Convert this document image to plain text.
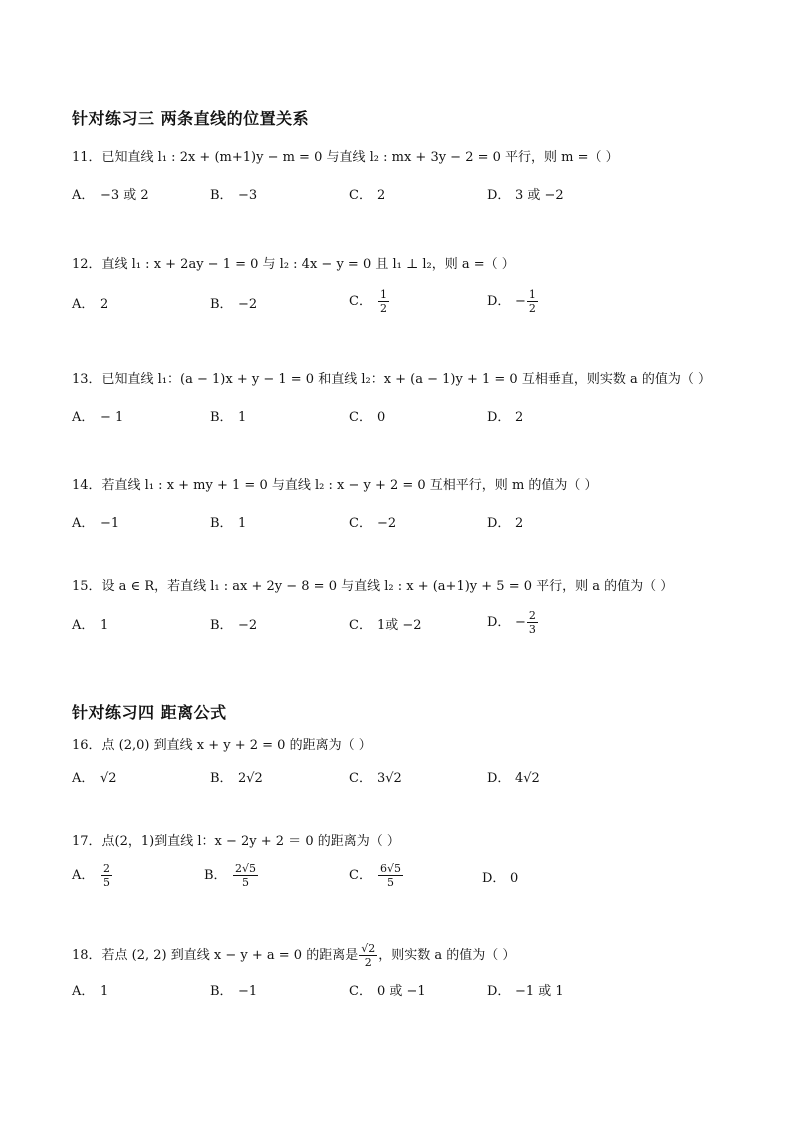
针对练习三 两条直线的位置关系
11．已知直线 l₁ : 2x + (m+1)y − m = 0 与直线 l₂ : mx + 3y − 2 = 0 平行，则 m =（ ）
A． −3 或 2	B． −3	C． 2	D． 3 或 −2
12．直线 l₁ : x + 2ay − 1 = 0 与 l₂ : 4x − y = 0 且 l₁ ⊥ l₂，则 a =（ ）
A． 2	B． −2	C． $\frac{1}{2}$	D． − $\frac{1}{2}$
13．已知直线 l₁：(a − 1)x + y − 1 = 0 和直线 l₂：x + (a − 1)y + 1 = 0 互相垂直，则实数 a 的值为（ ）
A． − 1	B． 1	C． 0	D． 2
14．若直线 l₁ : x + my + 1 = 0 与直线 l₂ : x − y + 2 = 0 互相平行，则 m 的值为（ ）
A． −1	B． 1	C． −2	D． 2
15．设 a ∈ R，若直线 l₁ : ax + 2y − 8 = 0 与直线 l₂ : x + (a+1)y + 5 = 0 平行，则 a 的值为（ ）
A． 1	B． −2	C． 1或 −2	D． − $\frac{2}{3}$
针对练习四 距离公式
16．点 (2,0) 到直线 x + y + 2 = 0 的距离为（ ）
A． √2	B． 2√2	C． 3√2	D． 4√2
17．点(2，1)到直线 l：x − 2y + 2 ＝ 0 的距离为（ ）
A． $\frac{2}{5}$	B． $\frac{2√5}{5}$	C． $\frac{6√5}{5}$	D． 0
18．若点 (2, 2) 到直线 x − y + a = 0 的距离是 $\frac{√2}{2}$ ，则实数 a 的值为（ ）
A． 1	B． −1	C． 0 或 −1	D． −1 或 1
